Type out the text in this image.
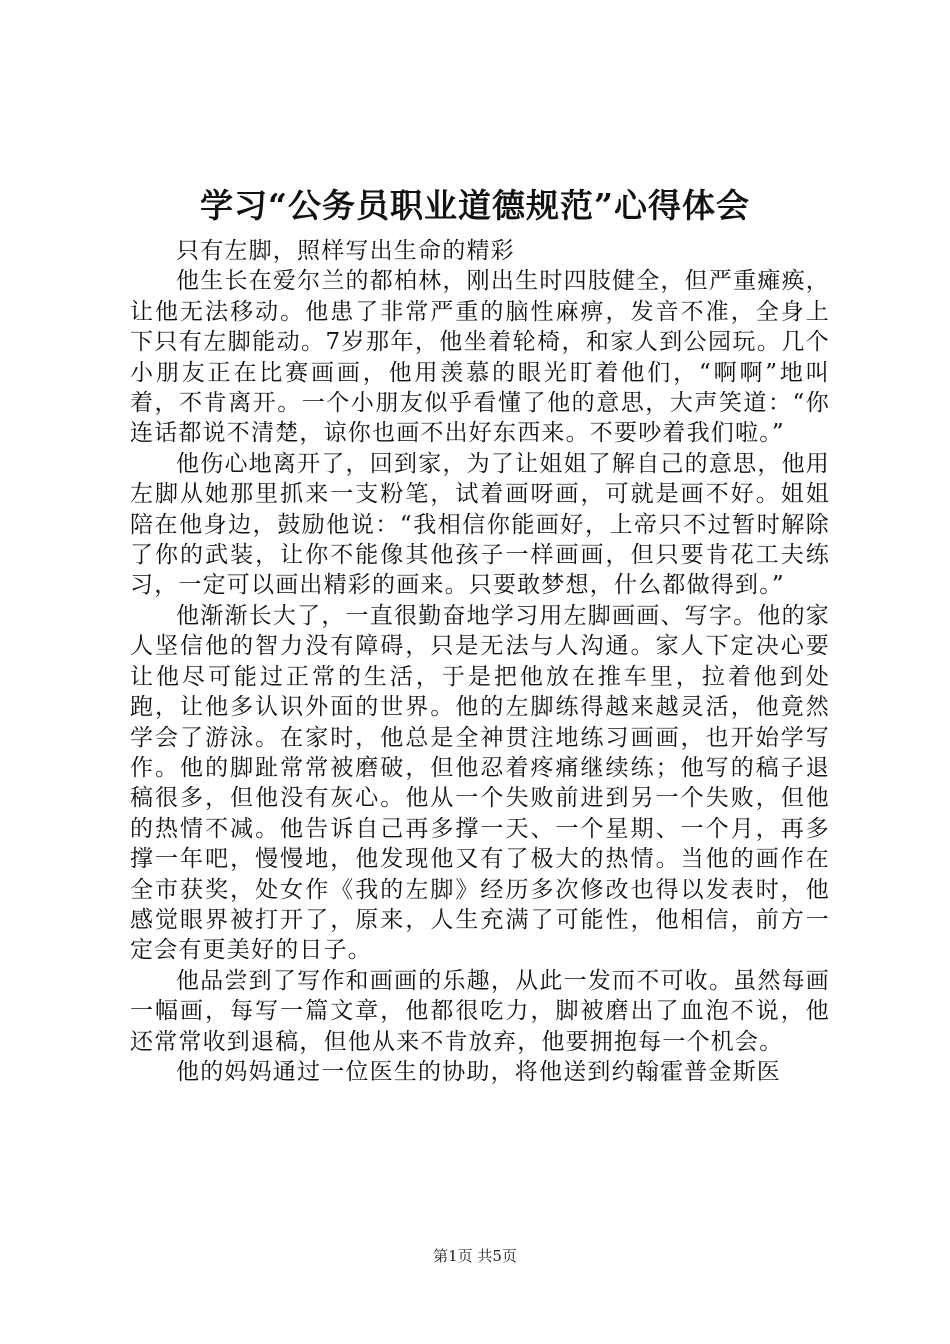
学习“公务员职业道德规范”心得体会

只有左脚，照样写出生命的精彩

他生长在爱尔兰的都柏林，刚出生时四肢健全，但严重瘫痪，让他无法移动。他患了非常严重的脑性麻痹，发音不准，全身上下只有左脚能动。7岁那年，他坐着轮椅，和家人到公园玩。几个小朋友正在比赛画画，他用羡慕的眼光盯着他们，“啊啊”地叫着，不肯离开。一个小朋友似乎看懂了他的意思，大声笑道：“你连话都说不清楚，谅你也画不出好东西来。不要吵着我们啦。”

他伤心地离开了，回到家，为了让姐姐了解自己的意思，他用左脚从她那里抓来一支粉笔，试着画呀画，可就是画不好。姐姐陪在他身边，鼓励他说：“我相信你能画好，上帝只不过暂时解除了你的武装，让你不能像其他孩子一样画画，但只要肯花工夫练习，一定可以画出精彩的画来。只要敢梦想，什么都做得到。”

他渐渐长大了，一直很勤奋地学习用左脚画画、写字。他的家人坚信他的智力没有障碍，只是无法与人沟通。家人下定决心要让他尽可能过正常的生活，于是把他放在推车里，拉着他到处跑，让他多认识外面的世界。他的左脚练得越来越灵活，他竟然学会了游泳。在家时，他总是全神贯注地练习画画，也开始学写作。他的脚趾常常被磨破，但他忍着疼痛继续练；他写的稿子退稿很多，但他没有灰心。他从一个失败前进到另一个失败，但他的热情不减。他告诉自己再多撑一天、一个星期、一个月，再多撑一年吧，慢慢地，他发现他又有了极大的热情。当他的画作在全市获奖，处女作《我的左脚》经历多次修改也得以发表时，他感觉眼界被打开了，原来，人生充满了可能性，他相信，前方一定会有更美好的日子。

他品尝到了写作和画画的乐趣，从此一发而不可收。虽然每画一幅画，每写一篇文章，他都很吃力，脚被磨出了血泡不说，他还常常收到退稿，但他从来不肯放弃，他要拥抱每一个机会。

他的妈妈通过一位医生的协助，将他送到约翰霍普金斯医

第1页 共5页
